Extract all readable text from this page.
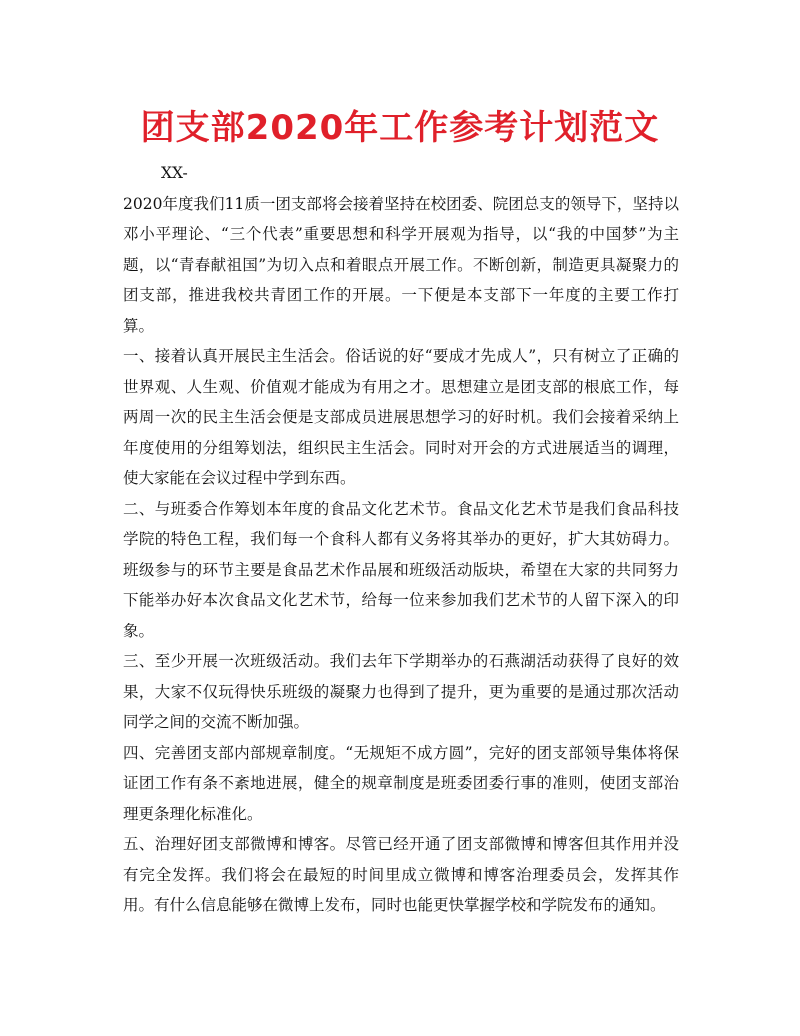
团支部2020年工作参考计划范文

XX-

2020年度我们11质一团支部将会接着坚持在校团委、院团总支的领导下，坚持以邓小平理论、“三个代表”重要思想和科学开展观为指导，以“我的中国梦”为主题，以“青春献祖国”为切入点和着眼点开展工作。不断创新，制造更具凝聚力的团支部，推进我校共青团工作的开展。一下便是本支部下一年度的主要工作打算。

一、接着认真开展民主生活会。俗话说的好“要成才先成人”，只有树立了正确的世界观、人生观、价值观才能成为有用之才。思想建立是团支部的根底工作，每两周一次的民主生活会便是支部成员进展思想学习的好时机。我们会接着采纳上年度使用的分组筹划法，组织民主生活会。同时对开会的方式进展适当的调理，使大家能在会议过程中学到东西。

二、与班委合作筹划本年度的食品文化艺术节。食品文化艺术节是我们食品科技学院的特色工程，我们每一个食科人都有义务将其举办的更好，扩大其妨碍力。班级参与的环节主要是食品艺术作品展和班级活动版块，希望在大家的共同努力下能举办好本次食品文化艺术节，给每一位来参加我们艺术节的人留下深入的印象。

三、至少开展一次班级活动。我们去年下学期举办的石燕湖活动获得了良好的效果，大家不仅玩得快乐班级的凝聚力也得到了提升，更为重要的是通过那次活动同学之间的交流不断加强。

四、完善团支部内部规章制度。“无规矩不成方圆”，完好的团支部领导集体将保证团工作有条不紊地进展，健全的规章制度是班委团委行事的准则，使团支部治理更条理化标准化。

五、治理好团支部微博和博客。尽管已经开通了团支部微博和博客但其作用并没有完全发挥。我们将会在最短的时间里成立微博和博客治理委员会，发挥其作用。有什么信息能够在微博上发布，同时也能更快掌握学校和学院发布的通知。
